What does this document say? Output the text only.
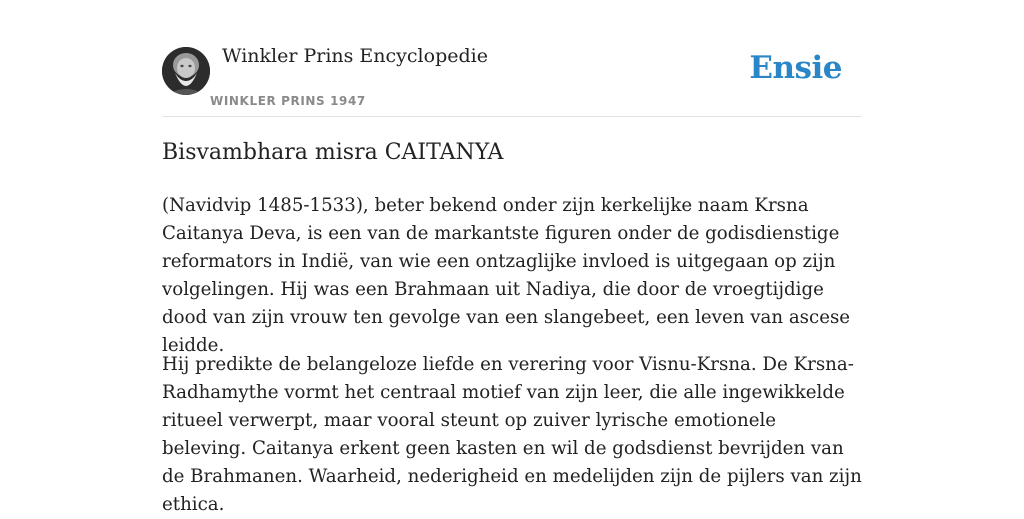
Winkler Prins Encyclopedie
WINKLER PRINS 1947
Ensie
Bisvambhara misra CAITANYA

(Navidvip 1485-1533), beter bekend onder zijn kerkelijke naam Krsna Caitanya Deva, is een van de markantste figuren onder de godisdienstige reformators in Indië, van wie een ontzaglijke invloed is uitgegaan op zijn volgelingen. Hij was een Brahmaan uit Nadiya, die door de vroegtijdige dood van zijn vrouw ten gevolge van een slangebeet, een leven van ascese leidde.

Hij predikte de belangeloze liefde en verering voor Visnu-Krsna. De Krsna-Radhamythe vormt het centraal motief van zijn leer, die alle ingewikkelde ritueel verwerpt, maar vooral steunt op zuiver lyrische emotionele beleving. Caitanya erkent geen kasten en wil de godsdienst bevrijden van de Brahmanen. Waarheid, nederigheid en medelijden zijn de pijlers van zijn ethica.
